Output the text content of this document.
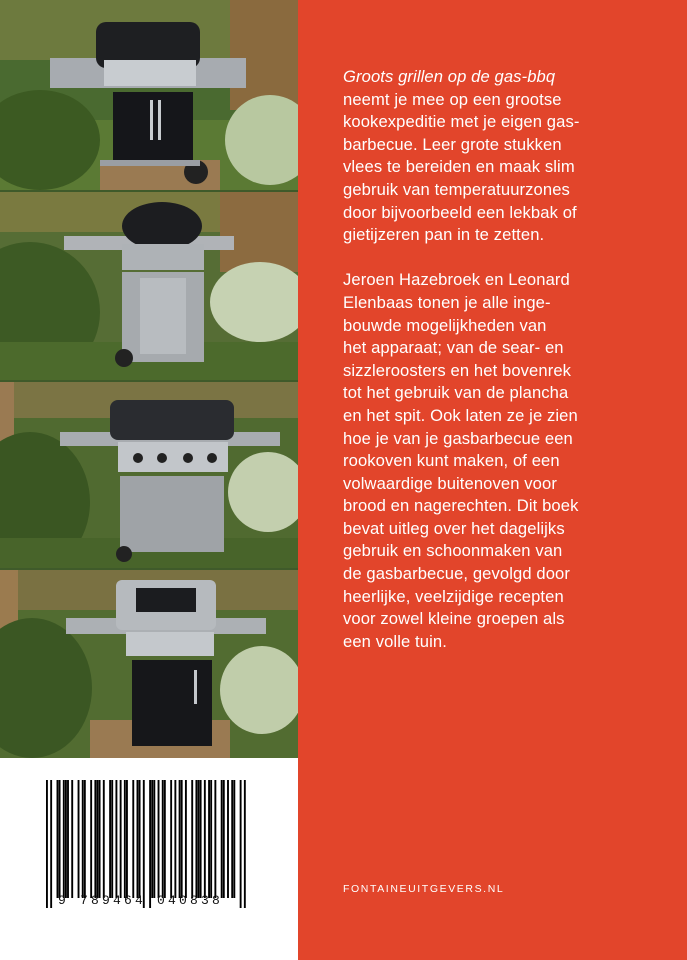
9 789464 040838

Groots grillen op de gas-bbq
neemt je mee op een grootse
kookexpeditie met je eigen gas-
barbecue. Leer grote stukken
vlees te bereiden en maak slim
gebruik van temperatuurzones
door bijvoorbeeld een lekbak of
gietijzeren pan in te zetten.

Jeroen Hazebroek en Leonard
Elenbaas tonen je alle inge-
bouwde mogelijkheden van
het apparaat; van de sear- en
sizzleroosters en het bovenrek
tot het gebruik van de plancha
en het spit. Ook laten ze je zien
hoe je van je gasbarbecue een
rookoven kunt maken, of een
volwaardige buitenoven voor
brood en nagerechten. Dit boek
bevat uitleg over het dagelijks
gebruik en schoonmaken van
de gasbarbecue, gevolgd door
heerlijke, veelzijdige recepten
voor zowel kleine groepen als
een volle tuin.

FONTAINEUITGEVERS.NL
